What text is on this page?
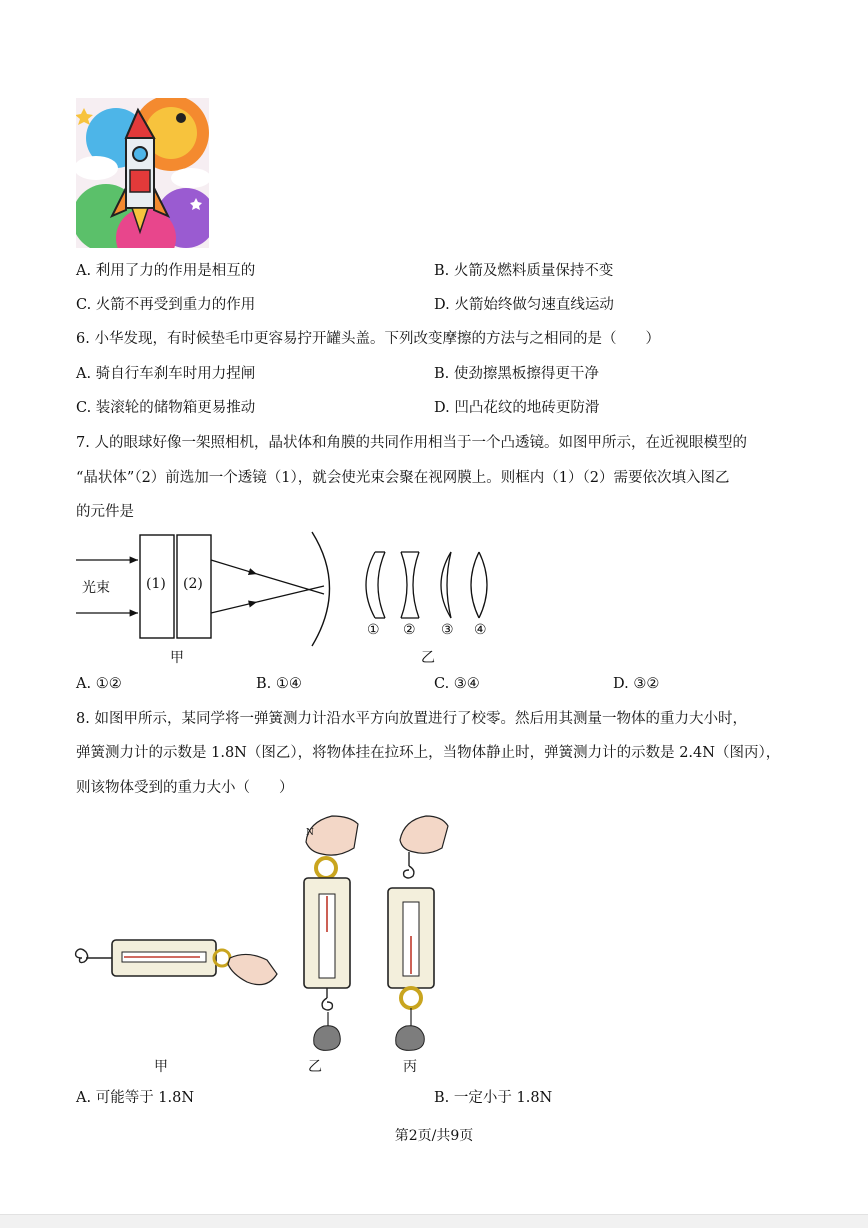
A. 利用了力的作用是相互的	B. 火箭及燃料质量保持不变
C. 火箭不再受到重力的作用	D. 火箭始终做匀速直线运动
6. 小华发现，有时候垫毛巾更容易拧开罐头盖。下列改变摩擦的方法与之相同的是（　　）
A. 骑自行车刹车时用力捏闸	B. 使劲擦黑板擦得更干净
C. 装滚轮的储物箱更易推动	D. 凹凸花纹的地砖更防滑
7. 人的眼球好像一架照相机，晶状体和角膜的共同作用相当于一个凸透镜。如图甲所示，在近视眼模型的
“晶状体”（2）前选加一个透镜（1），就会使光束会聚在视网膜上。则框内（1）（2）需要依次填入图乙
的元件是
光束	(1) (2)
甲
① ② ③ ④
乙
A. ①②	B. ①④	C. ③④	D. ③②
8. 如图甲所示，某同学将一弹簧测力计沿水平方向放置进行了校零。然后用其测量一物体的重力大小时，
弹簧测力计的示数是 1.8N（图乙），将物体挂在拉环上，当物体静止时，弹簧测力计的示数是 2.4N（图丙），
则该物体受到的重力大小（　　）
甲
N
乙	丙
A. 可能等于 1.8N	B. 一定小于 1.8N
第2页/共9页
